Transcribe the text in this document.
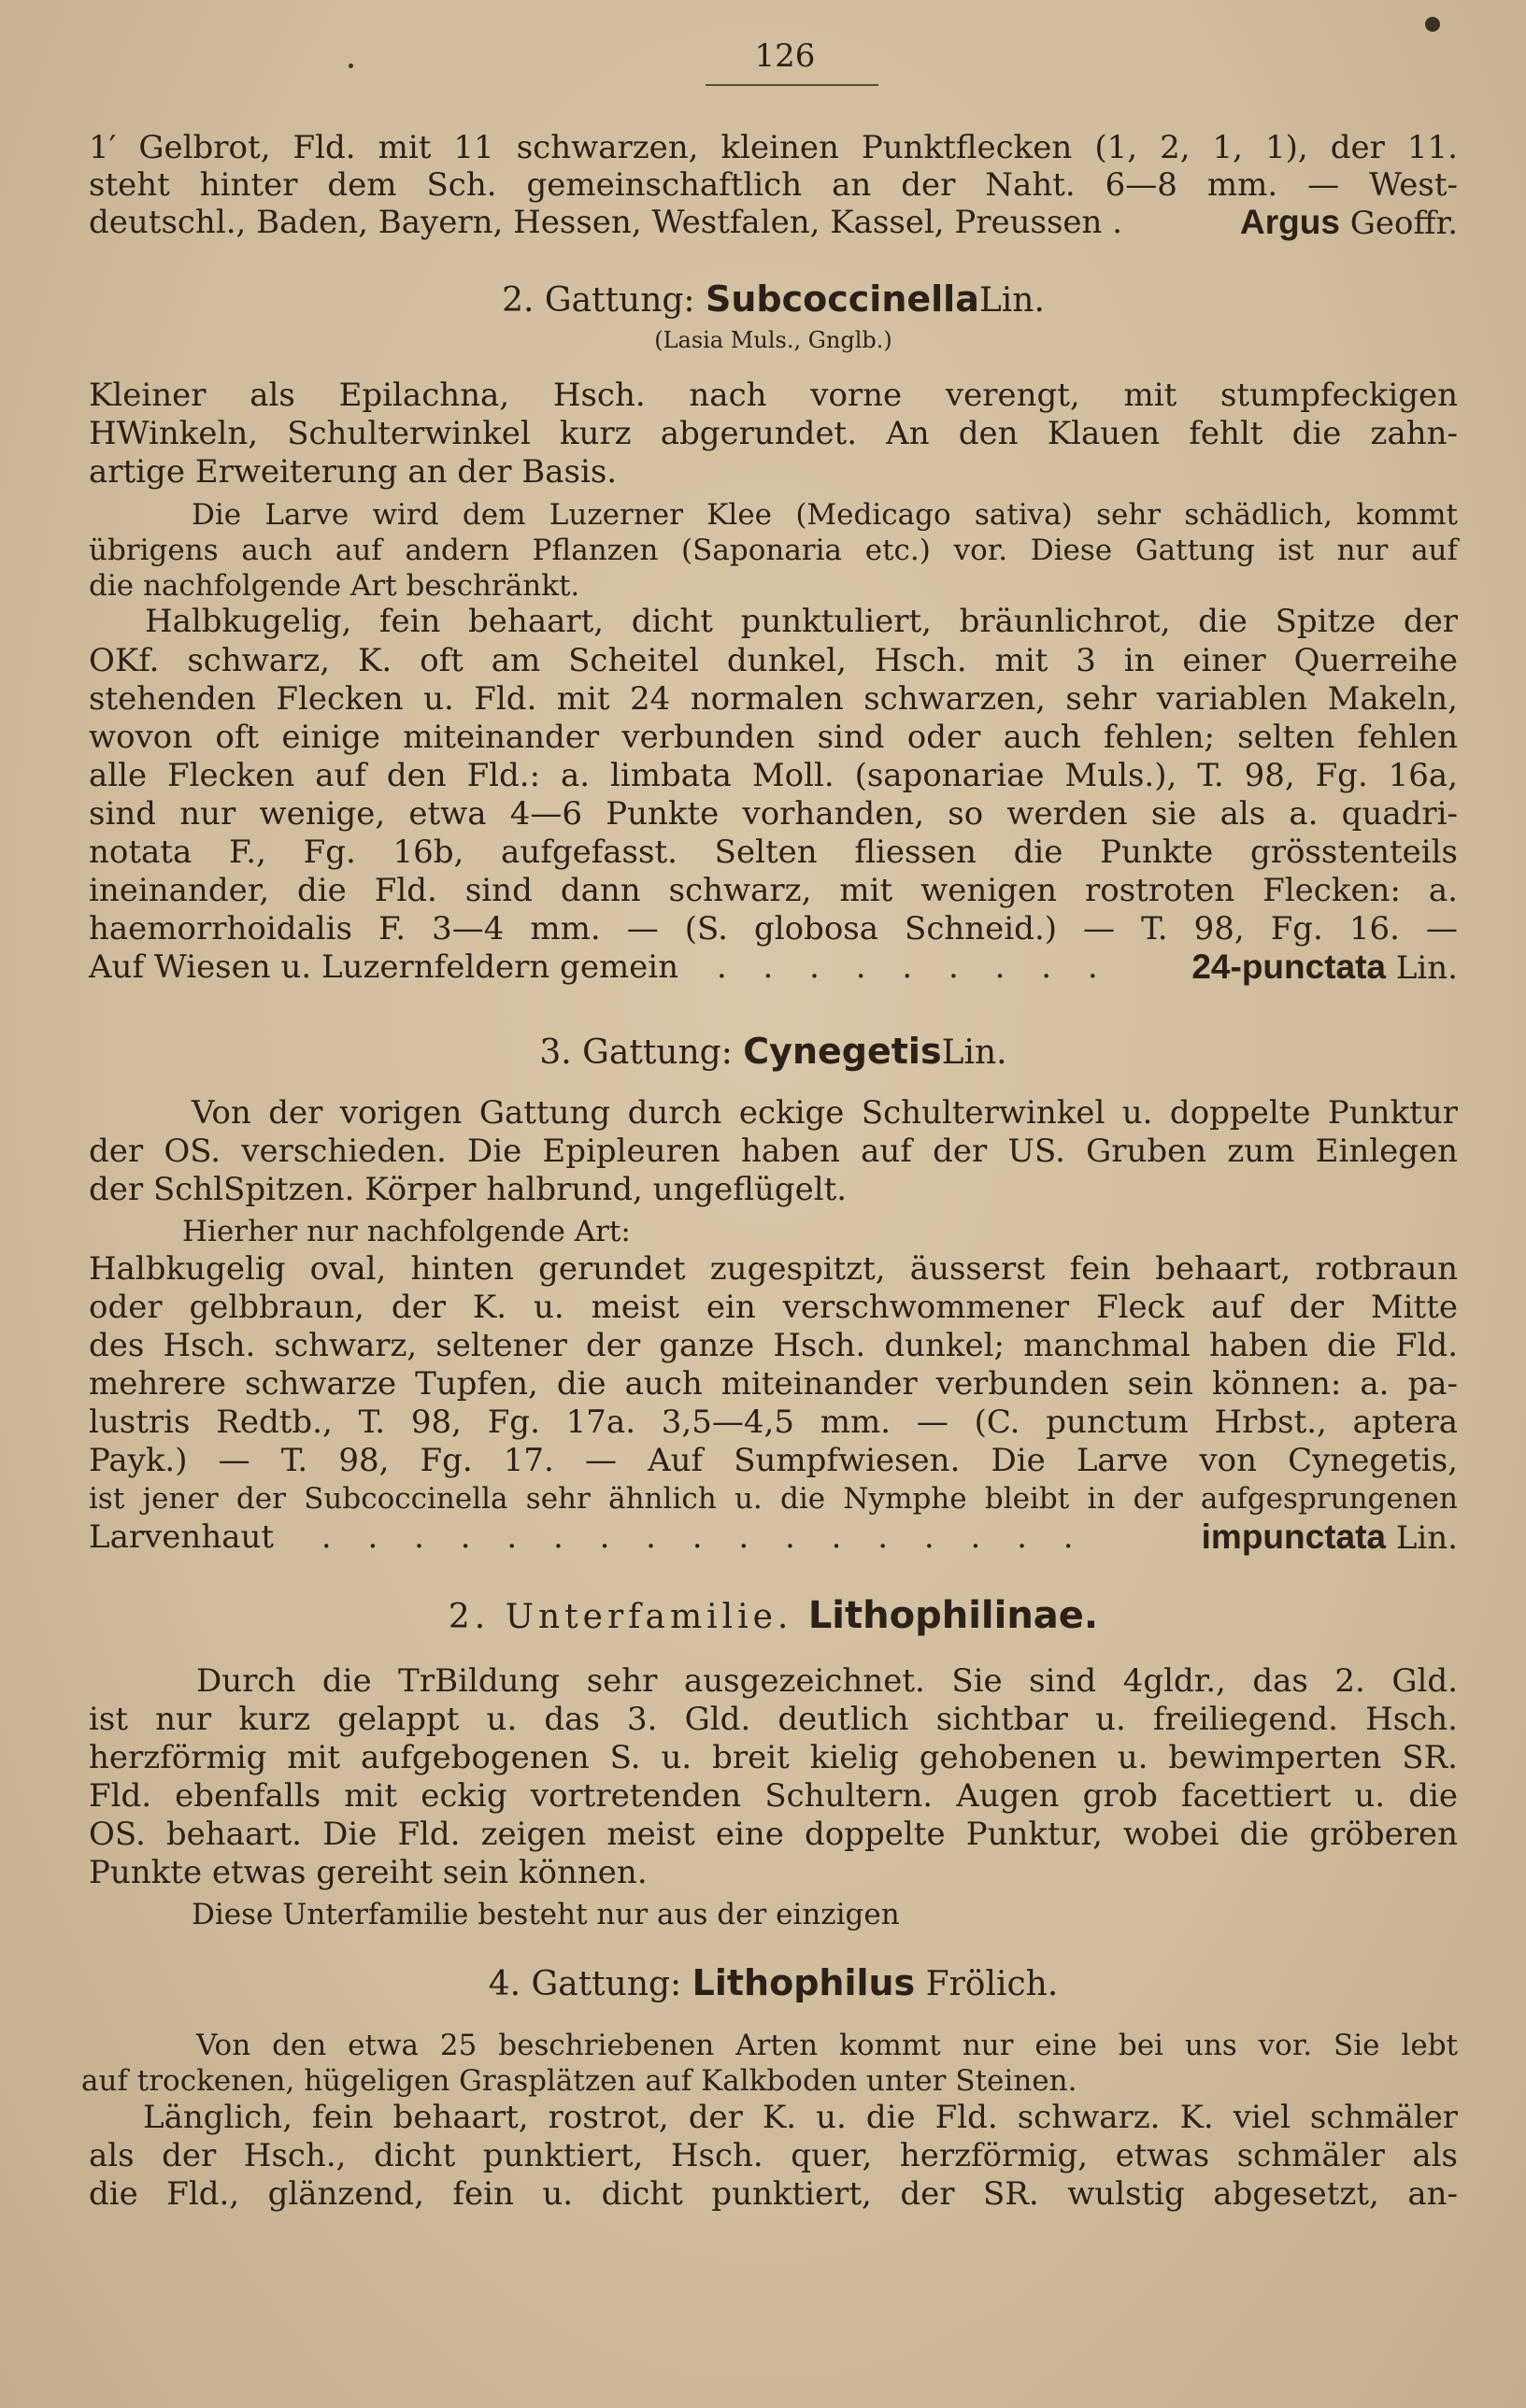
126
1′ Gelbrot, Fld. mit 11 schwarzen, kleinen Punktflecken (1, 2, 1, 1), der 11.
steht hinter dem Sch. gemeinschaftlich an der Naht. 6—8 mm. — West-
deutschl., Baden, Bayern, Hessen, Westfalen, Kassel, Preussen .	Argus Geoffr.
2. Gattung: SubcoccinellaLin.
(Lasia Muls., Gnglb.)
Kleiner als Epilachna, Hsch. nach vorne verengt, mit stumpfeckigen
HWinkeln, Schulterwinkel kurz abgerundet. An den Klauen fehlt die zahn-
artige Erweiterung an der Basis.
Die Larve wird dem Luzerner Klee (Medicago sativa) sehr schädlich, kommt
übrigens auch auf andern Pflanzen (Saponaria etc.) vor. Diese Gattung ist nur auf
die nachfolgende Art beschränkt.
Halbkugelig, fein behaart, dicht punktuliert, bräunlichrot, die Spitze der
OKf. schwarz, K. oft am Scheitel dunkel, Hsch. mit 3 in einer Querreihe
stehenden Flecken u. Fld. mit 24 normalen schwarzen, sehr variablen Makeln,
wovon oft einige miteinander verbunden sind oder auch fehlen; selten fehlen
alle Flecken auf den Fld.: a. limbata Moll. (saponariae Muls.), T. 98, Fg. 16a,
sind nur wenige, etwa 4—6 Punkte vorhanden, so werden sie als a. quadri-
notata F., Fg. 16b, aufgefasst. Selten fliessen die Punkte grösstenteils
ineinander, die Fld. sind dann schwarz, mit wenigen rostroten Flecken: a.
haemorrhoidalis F. 3—4 mm. — (S. globosa Schneid.) — T. 98, Fg. 16. —
Auf Wiesen u. Luzernfeldern gemein . . . . . . . . . 24-punctata Lin.
3. Gattung: CynegetisLin.
Von der vorigen Gattung durch eckige Schulterwinkel u. doppelte Punktur
der OS. verschieden. Die Epipleuren haben auf der US. Gruben zum Einlegen
der SchlSpitzen. Körper halbrund, ungeflügelt.
Hierher nur nachfolgende Art:
Halbkugelig oval, hinten gerundet zugespitzt, äusserst fein behaart, rotbraun
oder gelbbraun, der K. u. meist ein verschwommener Fleck auf der Mitte
des Hsch. schwarz, seltener der ganze Hsch. dunkel; manchmal haben die Fld.
mehrere schwarze Tupfen, die auch miteinander verbunden sein können: a. pa-
lustris Redtb., T. 98, Fg. 17a. 3,5—4,5 mm. — (C. punctum Hrbst., aptera
Payk.) — T. 98, Fg. 17. — Auf Sumpfwiesen. Die Larve von Cynegetis,
ist jener der Subcoccinella sehr ähnlich u. die Nymphe bleibt in der aufgesprungenen
Larvenhaut . . . . . . . . . . . . . . . . .	impunctata Lin.
2. Unterfamilie. Lithophilinae.
Durch die TrBildung sehr ausgezeichnet. Sie sind 4gldr., das 2. Gld.
ist nur kurz gelappt u. das 3. Gld. deutlich sichtbar u. freiliegend. Hsch.
herzförmig mit aufgebogenen S. u. breit kielig gehobenen u. bewimperten SR.
Fld. ebenfalls mit eckig vortretenden Schultern. Augen grob facettiert u. die
OS. behaart. Die Fld. zeigen meist eine doppelte Punktur, wobei die gröberen
Punkte etwas gereiht sein können.
Diese Unterfamilie besteht nur aus der einzigen
4. Gattung: Lithophilus Frölich.
Von den etwa 25 beschriebenen Arten kommt nur eine bei uns vor. Sie lebt
auf trockenen, hügeligen Grasplätzen auf Kalkboden unter Steinen.
Länglich, fein behaart, rostrot, der K. u. die Fld. schwarz. K. viel schmäler
als der Hsch., dicht punktiert, Hsch. quer, herzförmig, etwas schmäler als
die Fld., glänzend, fein u. dicht punktiert, der SR. wulstig abgesetzt, an-
